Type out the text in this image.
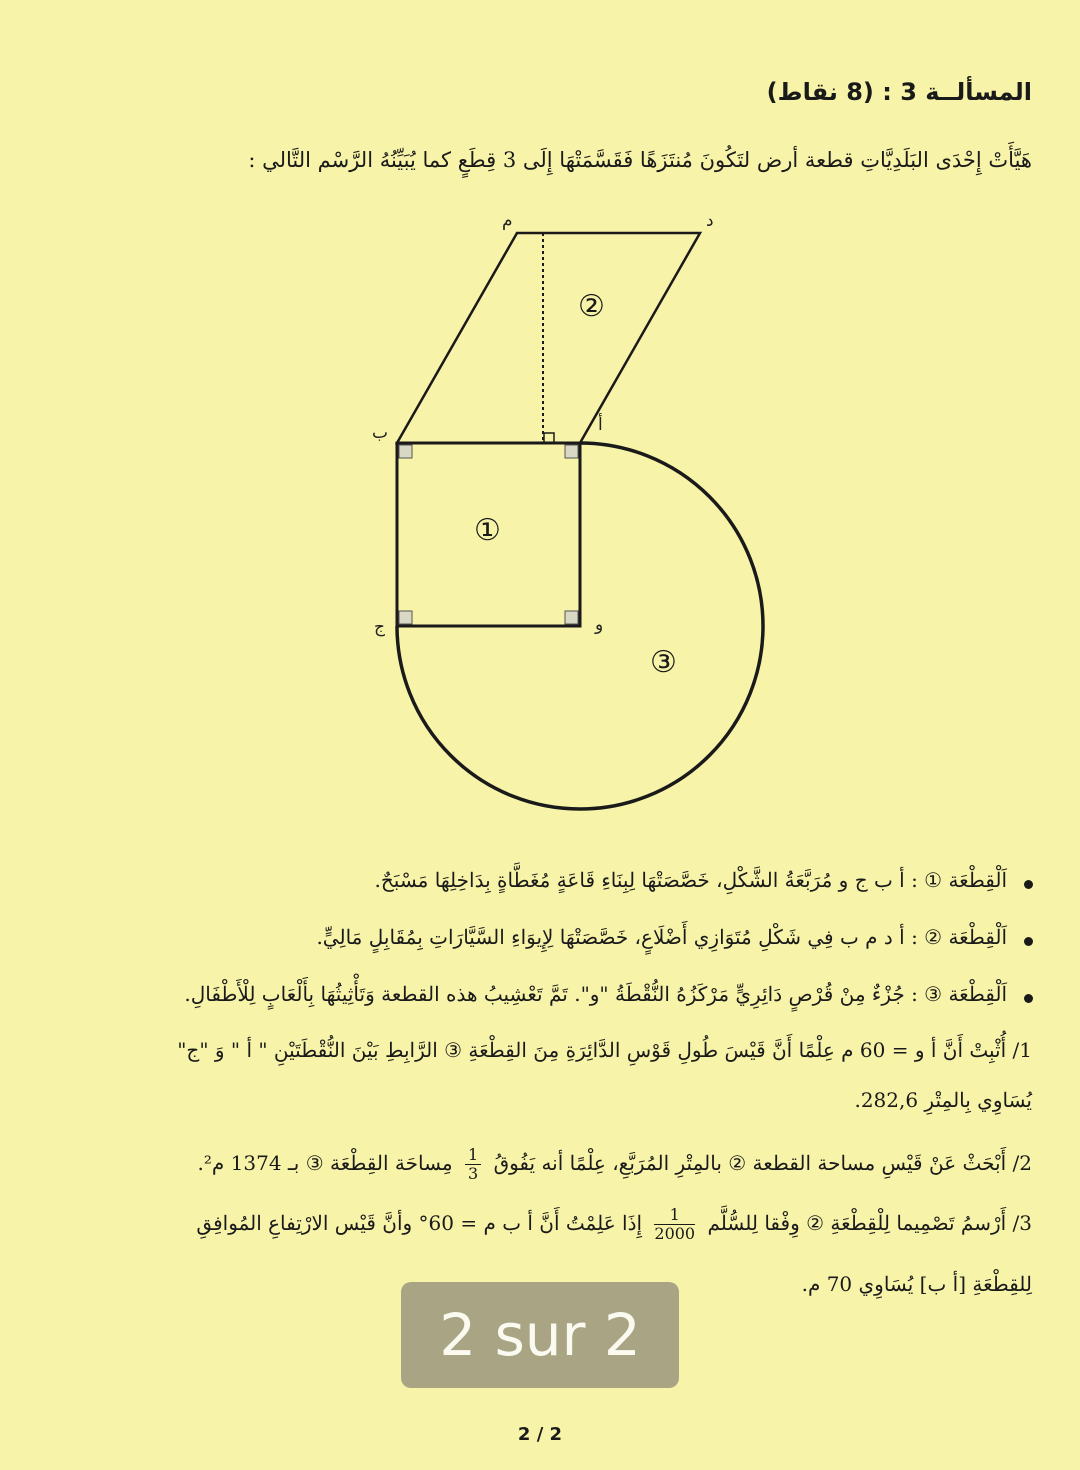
المسألــة 3 : (8 نقاط)
هَيَّأَتْ إِحْدَى البَلَدِيَّاتِ قطعة أرض لتَكُونَ مُنتَزَهًا فَقَسَّمَتْهَا إِلَى 3 قِطَعٍ كما يُبَيِّنُهُ الرَّسْم التَّالي :
م	د
ب	أ
ج	و
①
②
③
اَلْقِطْعَة ① : أ ب ج و مُرَبَّعَةُ الشَّكْلِ، خَصَّصَتْهَا لِبِنَاءِ قَاعَةٍ مُغَطَّاةٍ بِدَاخِلِهَا مَسْبَحٌ.
اَلْقِطْعَة ② : أ د م ب فِي شَكْلِ مُتَوَازِي أَضْلَاعٍ، خَصَّصَتْهَا لِإِيوَاءِ السَّيَّارَاتِ بِمُقَابِلٍ مَالِيٍّ.
اَلْقِطْعَة ③ : جُزْءٌ مِنْ قُرْصٍ دَائِرِيٍّ مَرْكَزُهُ النُّقْطَةُ "و". تَمَّ تَعْشِيبُ هذه القطعة وَتَأْثِيثُهَا بِأَلْعَابٍ لِلْأَطْفَالِ.
1/ أُثْبِتْ أَنَّ أ و = 60 م عِلْمًا أَنَّ قَيْسَ طُولِ قَوْسِ الدَّائِرَةِ مِنَ القِطْعَةِ ③ الرَّابِطِ بَيْنَ النُّقْطَتَيْنِ " أ " وَ "ج"
يُسَاوِي بِالمِتْرِ 282,6.
2/ أَبْحَثْ عَنْ قَيْسِ مساحة القطعة ② بالمِتْرِ المُرَبَّعِ، عِلْمًا أنه يَفُوقُ
$\frac{1}{3}$
مِساحَة القِطْعَة ③ بـ 1374 م².
3/ أَرْسمُ تَصْمِيما لِلْقِطْعَةِ ② وِفْقا لِلسُّلَّم
$\frac{1}{2000}$
إِذَا عَلِمْتُ أَنَّ أ ب م = 60° وأنَّ قَيْس الارْتِفاعِ المُوافِقِ
لِلقِطْعَةِ [أ ب] يُسَاوِي 70 م.
2 sur 2
2 / 2
